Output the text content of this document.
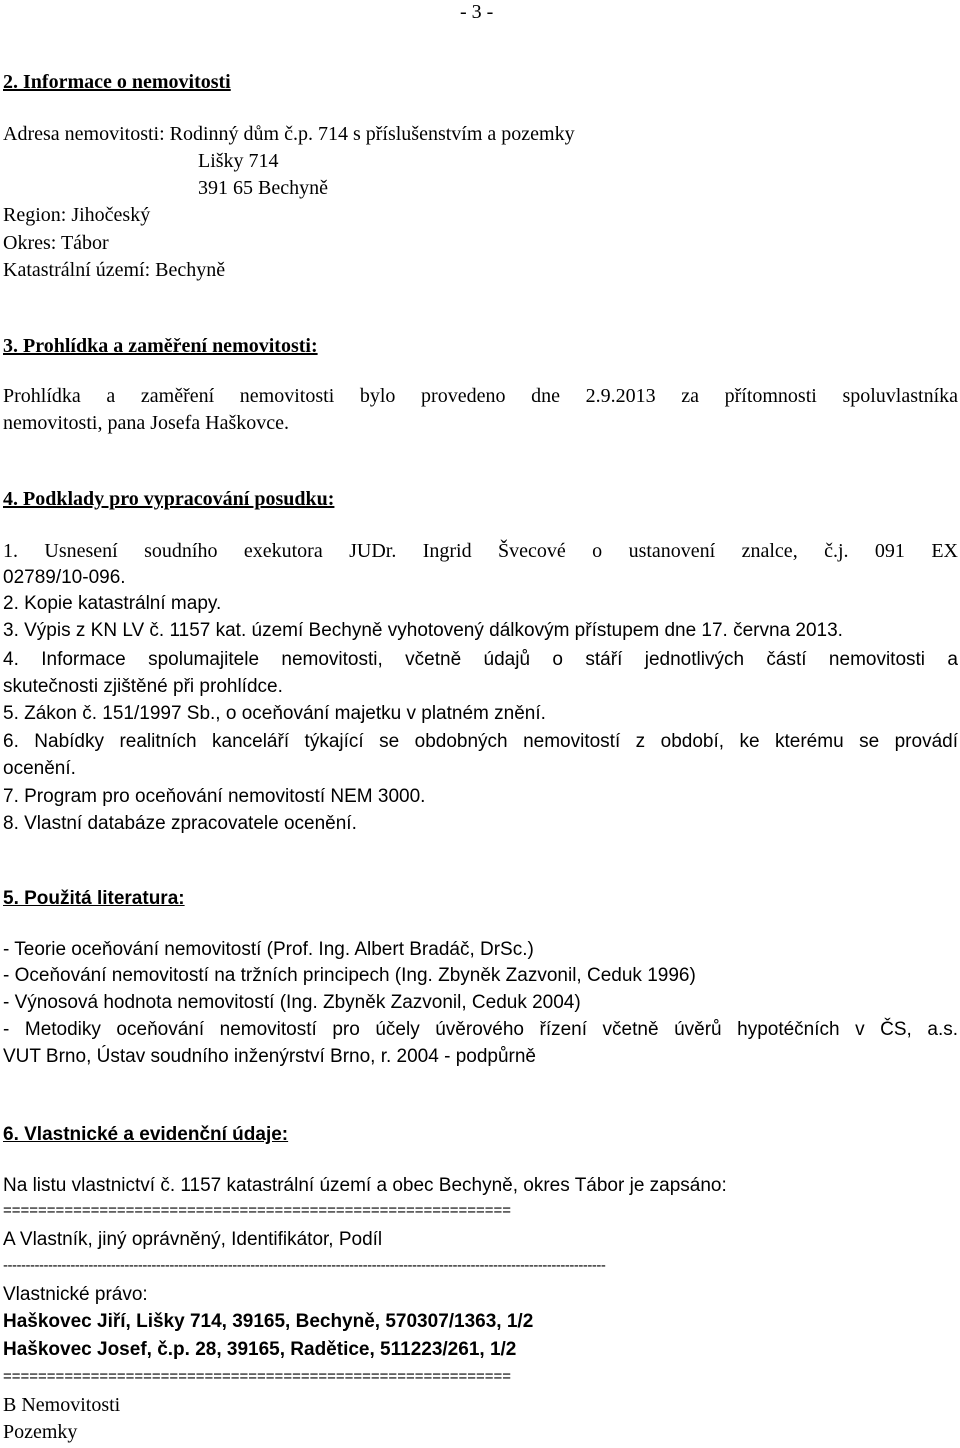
- 3 -
2. Informace o nemovitosti
Adresa nemovitosti: Rodinný dům č.p. 714 s příslušenstvím a pozemky
Lišky 714
391 65 Bechyně
Region: Jihočeský
Okres: Tábor
Katastrální území: Bechyně
3. Prohlídka a zaměření nemovitosti:
Prohlídka a zaměření nemovitosti bylo provedeno dne 2.9.2013 za přítomnosti spoluvlastníka
nemovitosti, pana Josefa Haškovce.
4. Podklady pro vypracování posudku:
1. Usnesení soudního exekutora JUDr. Ingrid Švecové o ustanovení znalce, č.j. 091 EX
02789/10-096.
2. Kopie katastrální mapy.
3. Výpis z KN LV č. 1157 kat. území Bechyně vyhotovený dálkovým přístupem dne 17. června 2013.
4. Informace spolumajitele nemovitosti, včetně údajů o stáří jednotlivých částí nemovitosti a
skutečnosti zjištěné při prohlídce.
5. Zákon č. 151/1997 Sb., o oceňování majetku v platném znění.
6. Nabídky realitních kanceláří týkající se obdobných nemovitostí z období, ke kterému se provádí
ocenění.
7. Program pro oceňování nemovitostí NEM 3000.
8. Vlastní databáze zpracovatele ocenění.
5. Použitá literatura:
- Teorie oceňování nemovitostí (Prof. Ing. Albert Bradáč, DrSc.)
- Oceňování nemovitostí na tržních principech (Ing. Zbyněk Zazvonil, Ceduk 1996)
- Výnosová hodnota nemovitostí (Ing. Zbyněk Zazvonil, Ceduk 2004)
- Metodiky oceňování nemovitostí pro účely úvěrového řízení včetně úvěrů hypotéčních v ČS, a.s.
VUT Brno, Ústav soudního inženýrství Brno, r. 2004 - podpůrně
6. Vlastnické a evidenční údaje:
Na listu vlastnictví č. 1157 katastrální území a obec Bechyně, okres Tábor je zapsáno:
==========================================================
A Vlastník, jiný oprávněný, Identifikátor, Podíl
--------------------------------------------------------------------------------------------------------------------------------------
Vlastnické právo:
Haškovec Jiří, Lišky 714, 39165, Bechyně, 570307/1363, 1/2
Haškovec Josef, č.p. 28, 39165, Radětice, 511223/261, 1/2
==========================================================
B Nemovitosti
Pozemky
